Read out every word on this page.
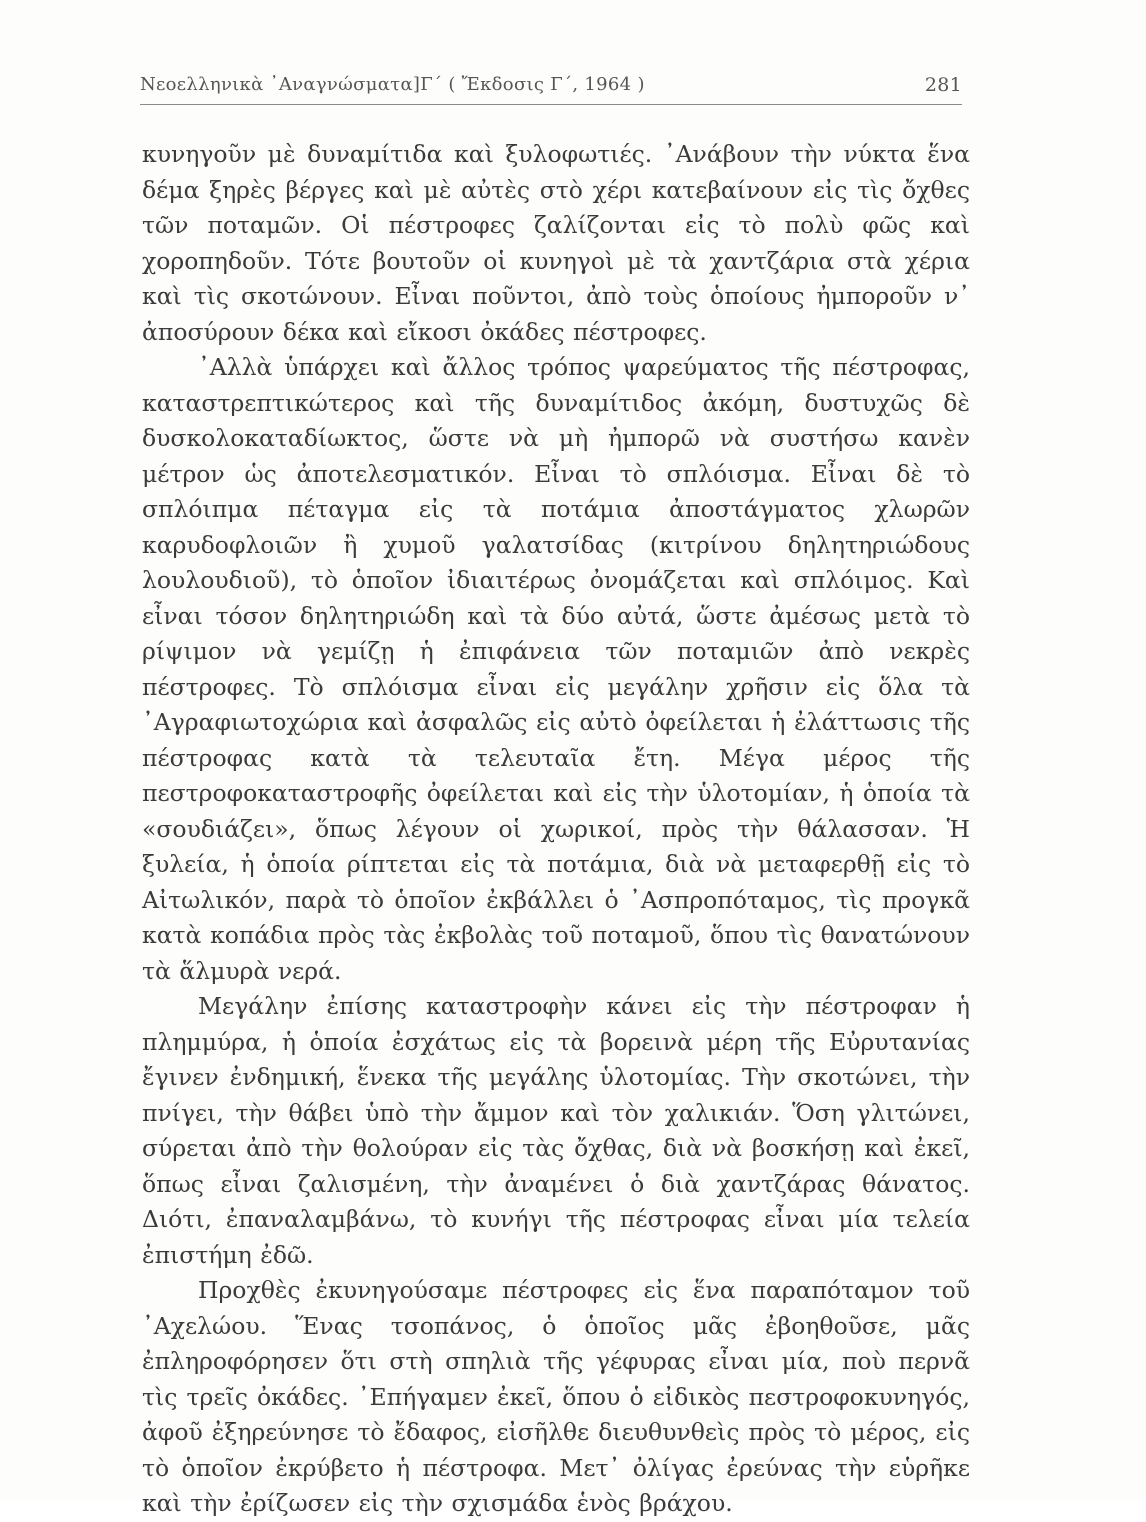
Νεοελληνικὰ ᾿Αναγνώσματα]Γ΄ ( Ἔκδοσις Γ΄, 1964 )	281

κυνηγοῦν μὲ δυναμίτιδα καὶ ξυλοφωτιές. ᾿Ανάβουν τὴν νύκτα ἕνα δέμα ξηρὲς βέργες καὶ μὲ αὐτὲς στὸ χέρι κατεβαίνουν εἰς τὶς ὄχθες τῶν ποταμῶν. Οἱ πέστροφες ζαλίζονται εἰς τὸ πολὺ φῶς καὶ χοροπηδοῦν. Τότε βουτοῦν οἱ κυνηγοὶ μὲ τὰ χαντζάρια στὰ χέρια καὶ τὶς σκοτώνουν. Εἶναι ποῦντοι, ἀπὸ τοὺς ὁποίους ἠμποροῦν ν᾿ ἀποσύρουν δέκα καὶ εἴκοσι ὀκάδες πέστροφες.

᾿Αλλὰ ὑπάρχει καὶ ἄλλος τρόπος ψαρεύματος τῆς πέστροφας, καταστρεπτικώτερος καὶ τῆς δυναμίτιδος ἀκόμη, δυστυχῶς δὲ δυσκολοκαταδίωκτος, ὥστε νὰ μὴ ἠμπορῶ νὰ συστήσω κανὲν μέτρον ὡς ἀποτελεσματικόν. Εἶναι τὸ σπλόισμα. Εἶναι δὲ τὸ σπλόιπμα πέταγμα εἰς τὰ ποτάμια ἀποστάγματος χλωρῶν καρυδοφλοιῶν ἢ χυμοῦ γαλατσίδας (κιτρίνου δηλητηριώδους λουλουδιοῦ), τὸ ὁποῖον ἰδιαιτέρως ὀνομάζεται καὶ σπλόιμος. Καὶ εἶναι τόσον δηλητηριώδη καὶ τὰ δύο αὐτά, ὥστε ἀμέσως μετὰ τὸ ρίψιμον νὰ γεμίζῃ ἡ ἐπιφάνεια τῶν ποταμιῶν ἀπὸ νεκρὲς πέστροφες. Τὸ σπλόισμα εἶναι εἰς μεγάλην χρῆσιν εἰς ὅλα τὰ ᾿Αγραφιωτοχώρια καὶ ἀσφαλῶς εἰς αὐτὸ ὀφείλεται ἡ ἐλάττωσις τῆς πέστροφας κατὰ τὰ τελευταῖα ἔτη. Μέγα μέρος τῆς πεστροφοκαταστροφῆς ὀφείλεται καὶ εἰς τὴν ὑλοτομίαν, ἡ ὁποία τὰ «σουδιάζει», ὅπως λέγουν οἱ χωρικοί, πρὸς τὴν θάλασσαν. Ἡ ξυλεία, ἡ ὁποία ρίπτεται εἰς τὰ ποτάμια, διὰ νὰ μεταφερθῇ εἰς τὸ Αἰτωλικόν, παρὰ τὸ ὁποῖον ἐκβάλλει ὁ ᾿Ασπροπόταμος, τὶς προγκᾶ κατὰ κοπάδια πρὸς τὰς ἐκβολὰς τοῦ ποταμοῦ, ὅπου τὶς θανατώνουν τὰ ἅλμυρὰ νερά.

Μεγάλην ἐπίσης καταστροφὴν κάνει εἰς τὴν πέστροφαν ἡ πλημμύρα, ἡ ὁποία ἐσχάτως εἰς τὰ βορεινὰ μέρη τῆς Εὐρυτανίας ἔγινεν ἐνδημική, ἕνεκα τῆς μεγάλης ὑλοτομίας. Τὴν σκοτώνει, τὴν πνίγει, τὴν θάβει ὑπὸ τὴν ἄμμον καὶ τὸν χαλικιάν. Ὅση γλιτώνει, σύρεται ἀπὸ τὴν θολούραν εἰς τὰς ὄχθας, διὰ νὰ βοσκήσῃ καὶ ἐκεῖ, ὅπως εἶναι ζαλισμένη, τὴν ἀναμένει ὁ διὰ χαντζάρας θάνατος. Διότι, ἐπαναλαμβάνω, τὸ κυνήγι τῆς πέστροφας εἶναι μία τελεία ἐπιστήμη ἐδῶ.

Προχθὲς ἐκυνηγούσαμε πέστροφες εἰς ἕνα παραπόταμον τοῦ ᾿Αχελώου. Ἕνας τσοπάνος, ὁ ὁποῖος μᾶς ἐβοηθοῦσε, μᾶς ἐπληροφόρησεν ὅτι στὴ σπηλιὰ τῆς γέφυρας εἶναι μία, ποὺ περνᾶ τὶς τρεῖς ὀκάδες. ᾿Επήγαμεν ἐκεῖ, ὅπου ὁ εἰδικὸς πεστροφοκυνηγός, ἀφοῦ ἐξηρεύνησε τὸ ἔδαφος, εἰσῆλθε διευθυνθεὶς πρὸς τὸ μέρος, εἰς τὸ ὁποῖον ἐκρύβετο ἡ πέστροφα. Μετ᾿ ὀλίγας ἐρεύνας τὴν εὑρῆκε καὶ τὴν ἐρίζωσεν εἰς τὴν σχισμάδα ἑνὸς βράχου.
